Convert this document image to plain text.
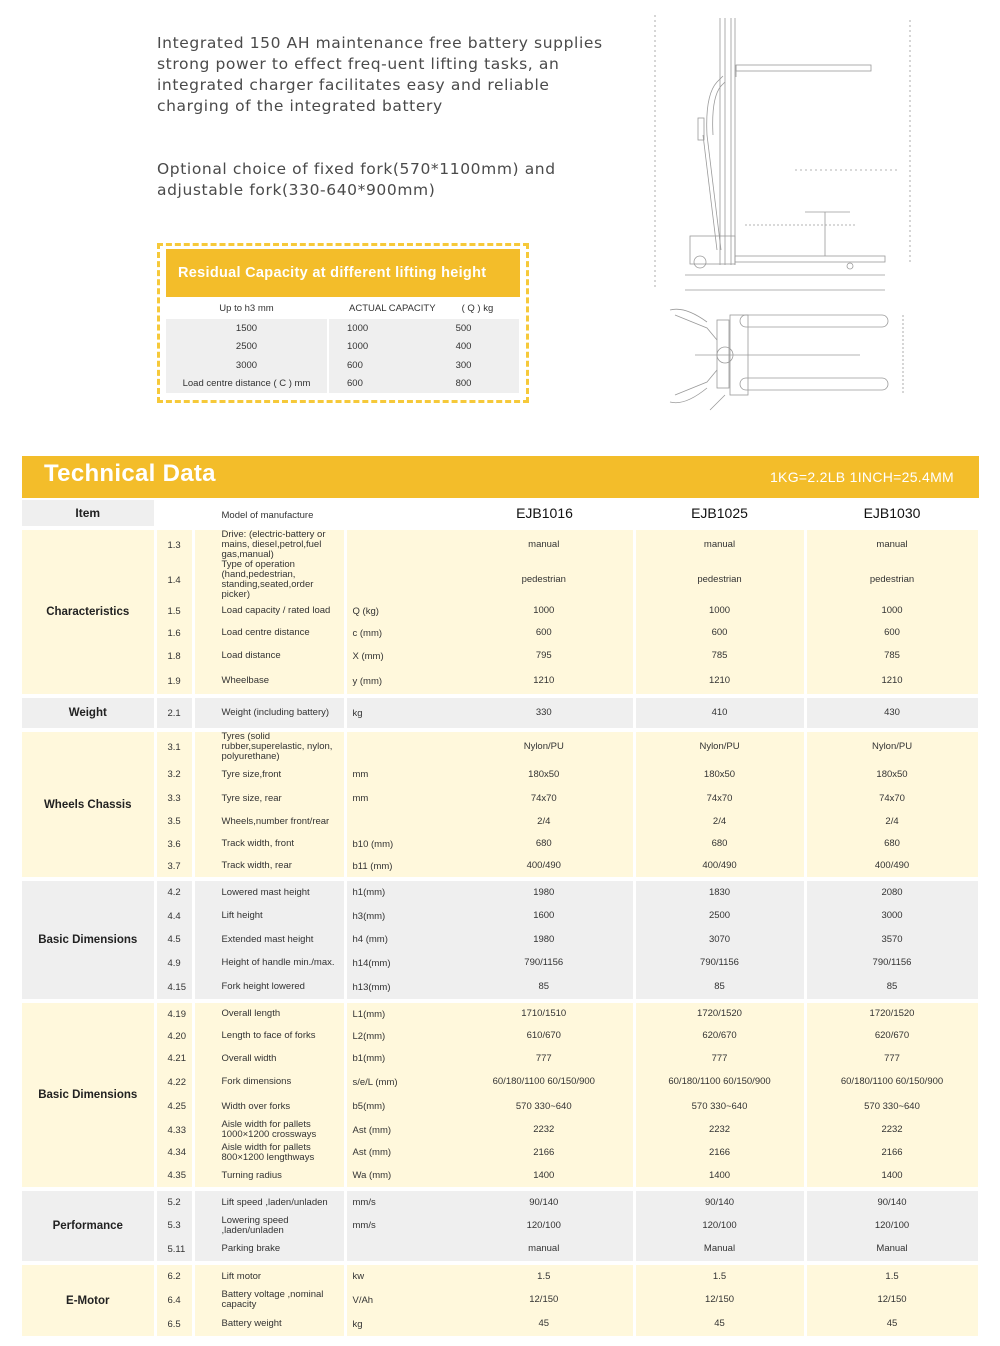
Integrated 150 AH maintenance free battery supplies strong power to effect freq-uent lifting tasks, an integrated charger facilitates easy and reliable charging of the integrated battery
Optional choice of fixed fork(570*1100mm) and adjustable fork(330-640*900mm)
Residual Capacity at different lifting height
Up to h3 mm	ACTUAL CAPACITY	( Q ) kg
1500	1000	500
2500	1000	400
3000	600	300
Load centre distance ( C ) mm	600	800
Technical Data	1KG=2.2LB 1INCH=25.4MM
Item		Model of manufacture		EJB1016	EJB1025	EJB1030

Characteristics	1.3	Drive: (electric-battery or mains, diesel,petrol,fuel gas,manual)		manual	manual	manual
	1.4	Type of operation (hand,pedestrian, standing,seated,order picker)		pedestrian	pedestrian	pedestrian
	1.5	Load capacity / rated load	Q (kg)	1000	1000	1000
	1.6	Load centre distance	c (mm)	600	600	600
	1.8	Load distance	X (mm)	795	785	785
	1.9	Wheelbase	y (mm)	1210	1210	1210

Weight	2.1	Weight (including battery)	kg	330	410	430

Wheels Chassis	3.1	Tyres (solid rubber,superelastic, nylon, polyurethane)		Nylon/PU	Nylon/PU	Nylon/PU
	3.2	Tyre size,front	mm	180x50	180x50	180x50
	3.3	Tyre size, rear	mm	74x70	74x70	74x70
	3.5	Wheels,number front/rear		2/4	2/4	2/4
	3.6	Track width, front	b10 (mm)	680	680	680
	3.7	Track width, rear	b11 (mm)	400/490	400/490	400/490

Basic Dimensions	4.2	Lowered mast height	h1(mm)	1980	1830	2080
	4.4	Lift height	h3(mm)	1600	2500	3000
	4.5	Extended mast height	h4 (mm)	1980	3070	3570
	4.9	Height of handle min./max.	h14(mm)	790/1156	790/1156	790/1156
	4.15	Fork height lowered	h13(mm)	85	85	85

Basic Dimensions	4.19	Overall length	L1(mm)	1710/1510	1720/1520	1720/1520
	4.20	Length to face of forks	L2(mm)	610/670	620/670	620/670
	4.21	Overall width	b1(mm)	777	777	777
	4.22	Fork dimensions	s/e/L (mm)	60/180/1100 60/150/900	60/180/1100 60/150/900	60/180/1100 60/150/900
	4.25	Width over forks	b5(mm)	570 330~640	570 330~640	570 330~640
	4.33	Aisle width for pallets 1000×1200 crossways	Ast (mm)	2232	2232	2232
	4.34	Aisle width for pallets 800×1200 lengthways	Ast (mm)	2166	2166	2166
	4.35	Turning radius	Wa (mm)	1400	1400	1400

Performance	5.2	Lift speed ,laden/unladen	mm/s	90/140	90/140	90/140
	5.3	Lowering speed ,laden/unladen	mm/s	120/100	120/100	120/100
	5.11	Parking brake		manual	Manual	Manual

E-Motor	6.2	Lift motor	kw	1.5	1.5	1.5
	6.4	Battery voltage ,nominal capacity	V/Ah	12/150	12/150	12/150
	6.5	Battery weight	kg	45	45	45
